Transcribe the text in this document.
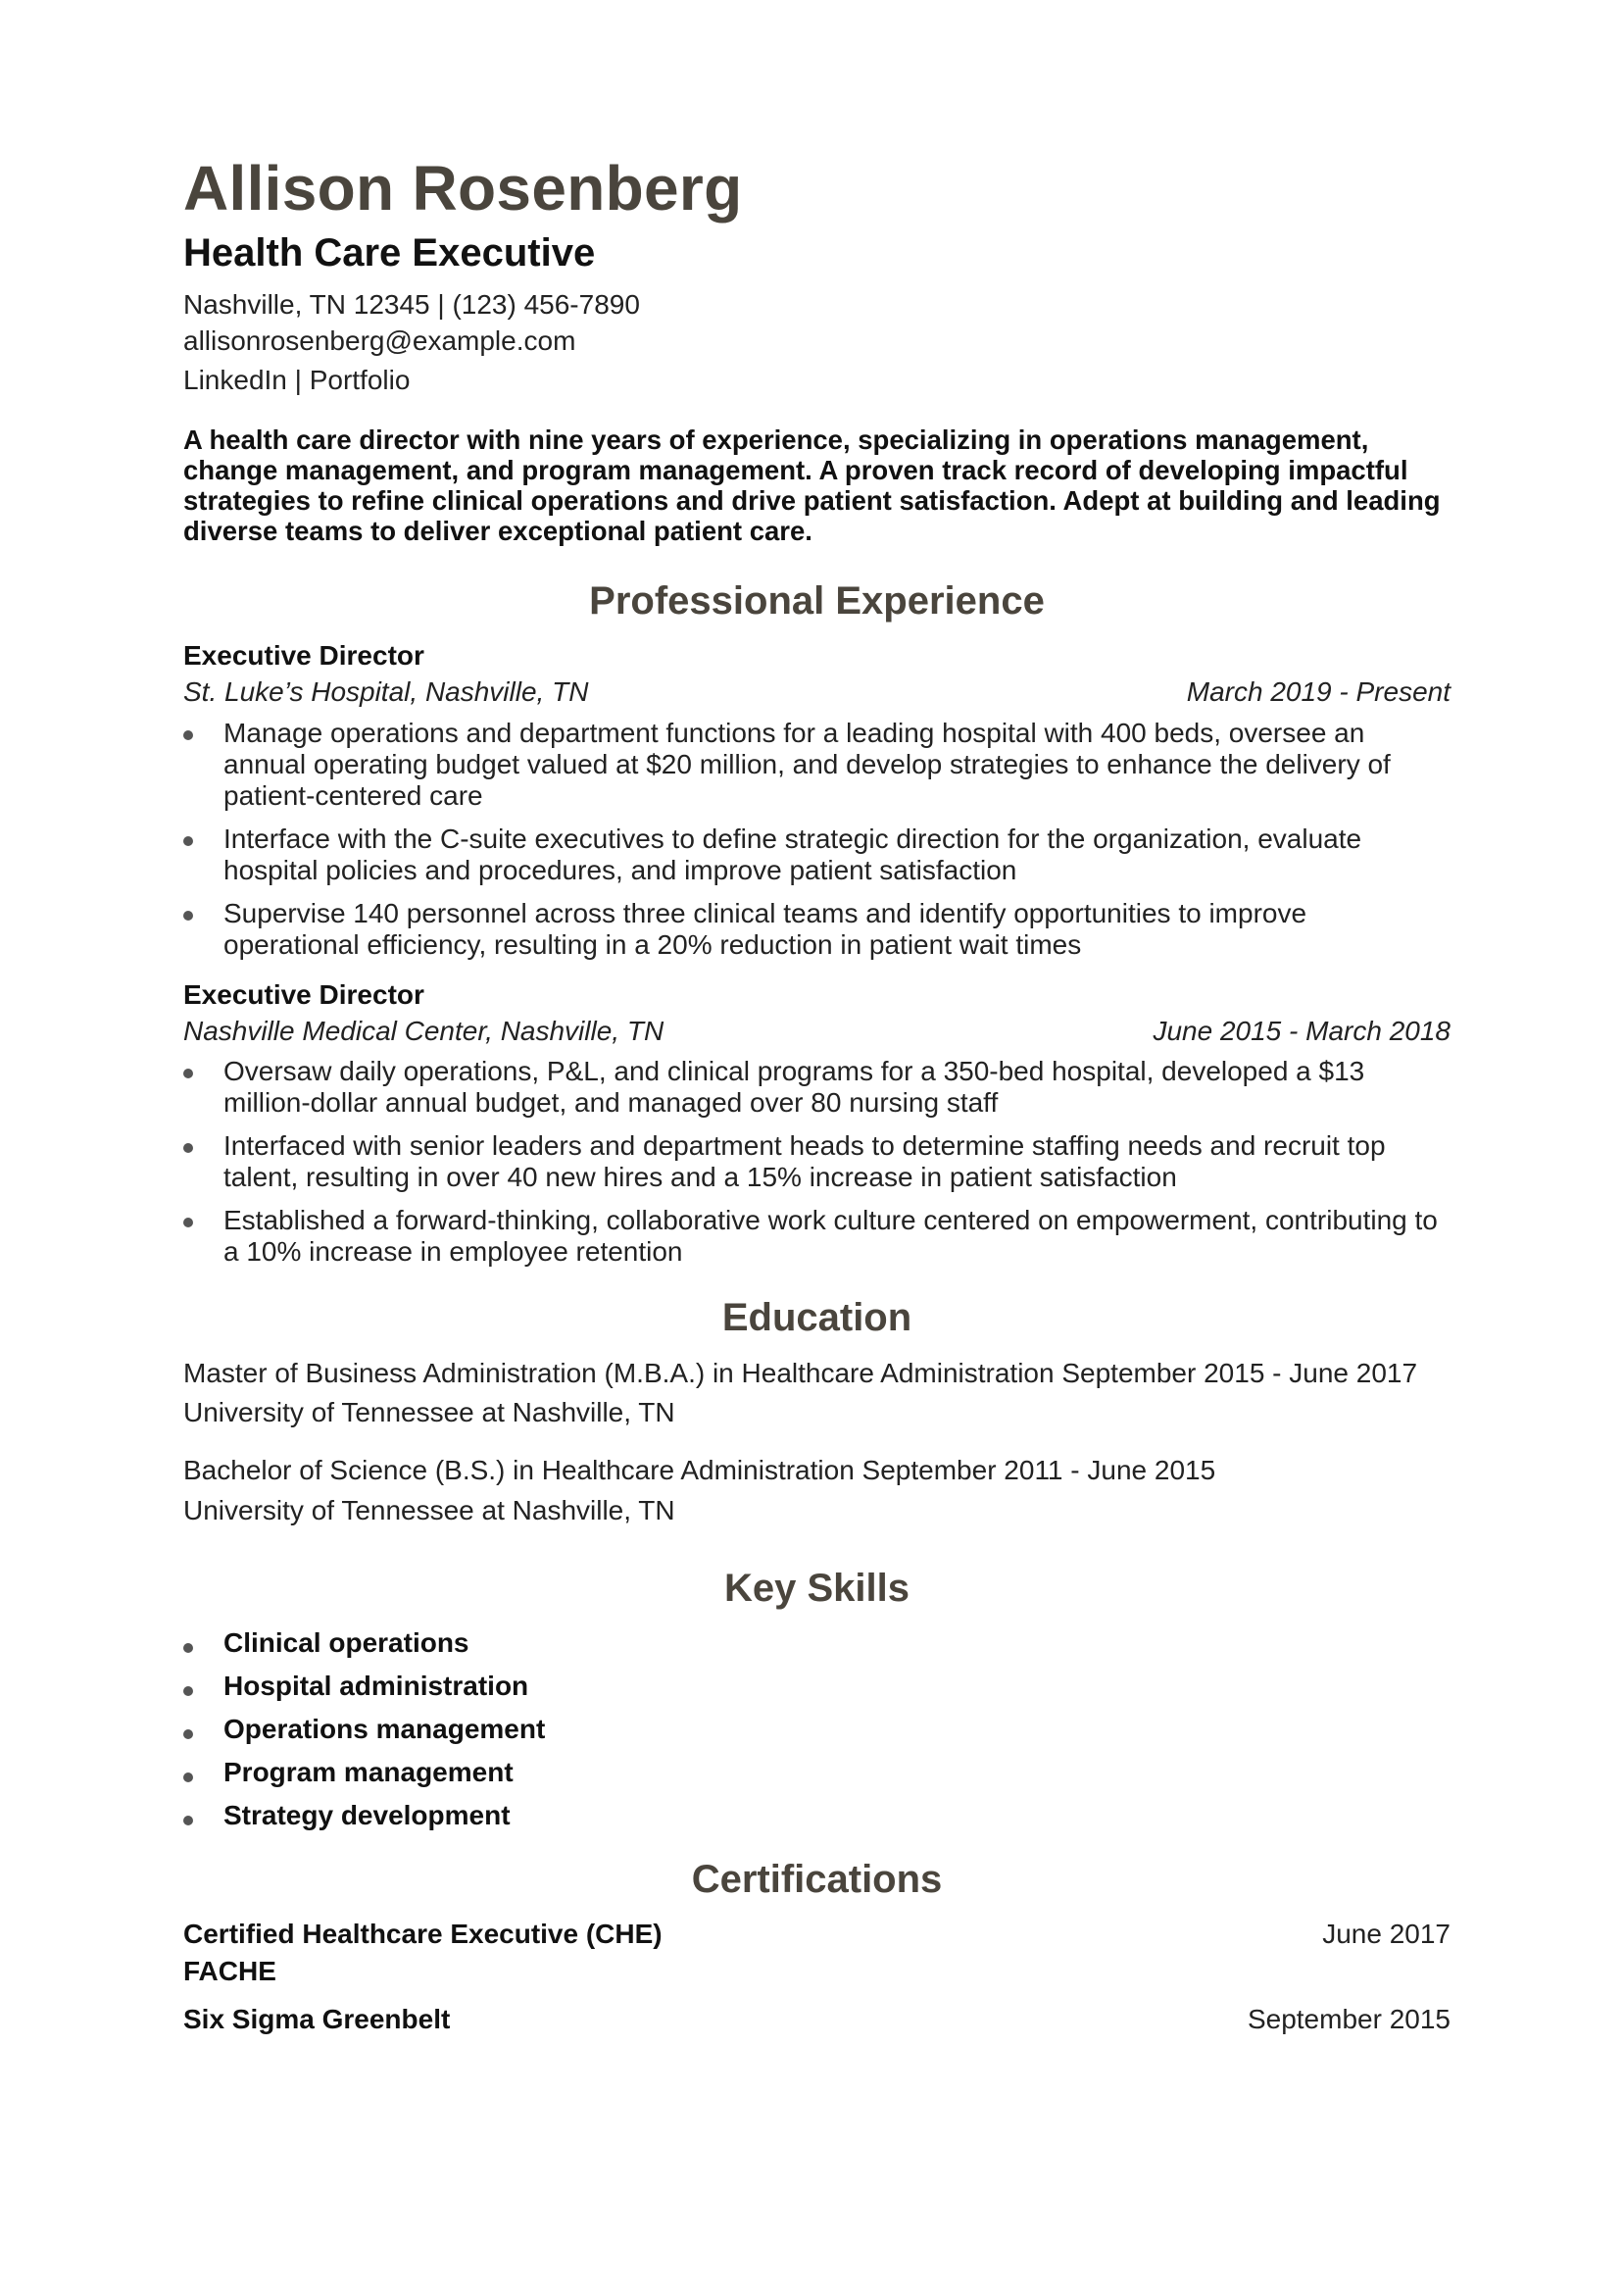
Allison Rosenberg
Health Care Executive
Nashville, TN 12345 | (123) 456-7890
allisonrosenberg@example.com
LinkedIn | Portfolio
A health care director with nine years of experience, specializing in operations management, change management, and program management. A proven track record of developing impactful strategies to refine clinical operations and drive patient satisfaction. Adept at building and leading diverse teams to deliver exceptional patient care.
Professional Experience
Executive Director
St. Luke’s Hospital, Nashville, TN	March 2019 - Present
Manage operations and department functions for a leading hospital with 400 beds, oversee an annual operating budget valued at $20 million, and develop strategies to enhance the delivery of patient-centered care
Interface with the C-suite executives to define strategic direction for the organization, evaluate hospital policies and procedures, and improve patient satisfaction
Supervise 140 personnel across three clinical teams and identify opportunities to improve operational efficiency, resulting in a 20% reduction in patient wait times
Executive Director
Nashville Medical Center, Nashville, TN	June 2015 - March 2018
Oversaw daily operations, P&L, and clinical programs for a 350-bed hospital, developed a $13 million-dollar annual budget, and managed over 80 nursing staff
Interfaced with senior leaders and department heads to determine staffing needs and recruit top talent, resulting in over 40 new hires and a 15% increase in patient satisfaction
Established a forward-thinking, collaborative work culture centered on empowerment, contributing to a 10% increase in employee retention
Education
Master of Business Administration (M.B.A.) in Healthcare Administration September 2015 - June 2017
University of Tennessee at Nashville, TN
Bachelor of Science (B.S.) in Healthcare Administration September 2011 - June 2015
University of Tennessee at Nashville, TN
Key Skills
Clinical operations
Hospital administration
Operations management
Program management
Strategy development
Certifications
Certified Healthcare Executive (CHE)	June 2017
FACHE
Six Sigma Greenbelt	September 2015
